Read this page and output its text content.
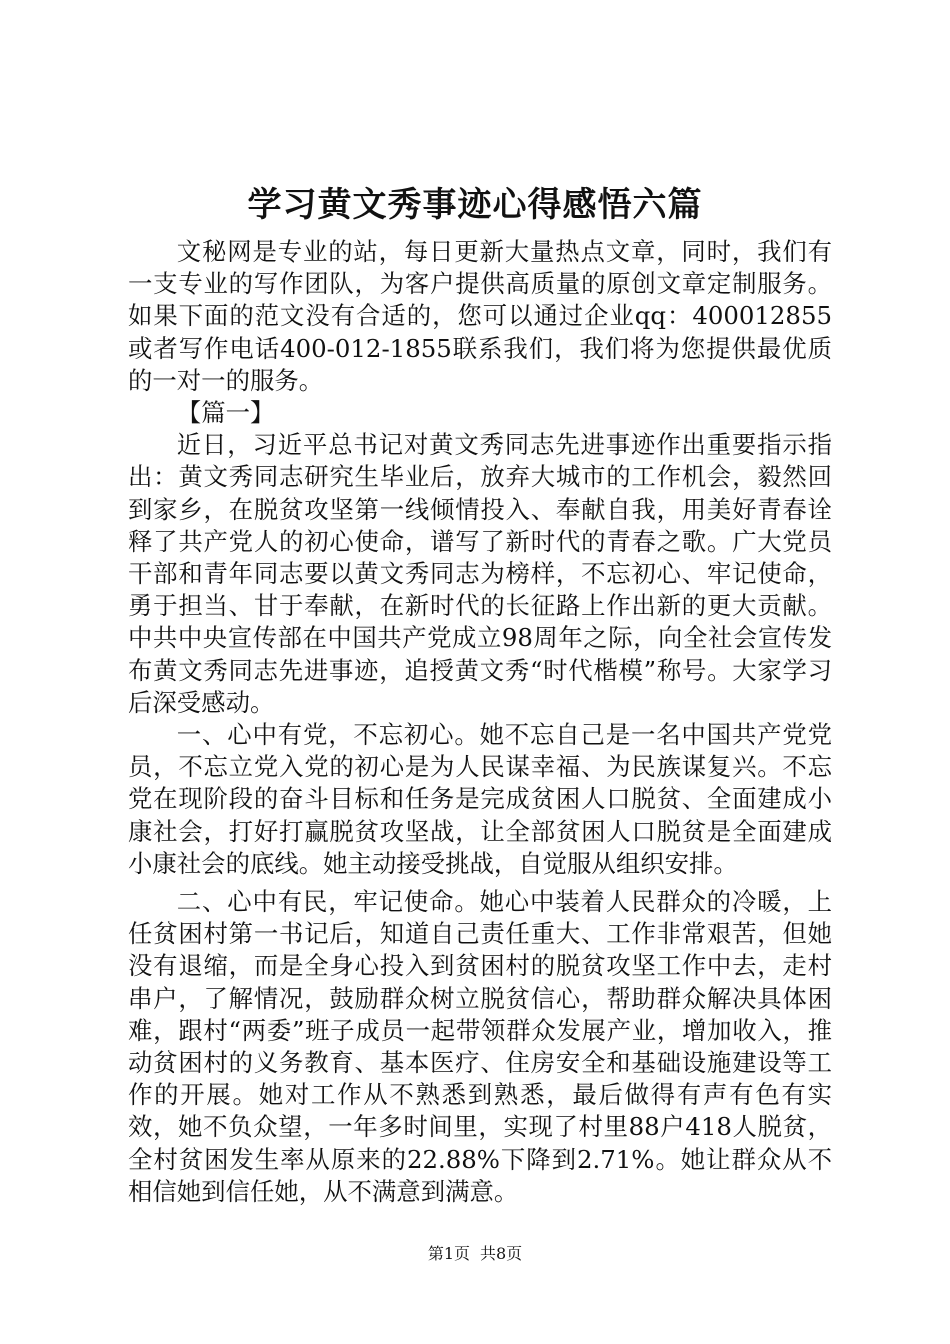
学习黄文秀事迹心得感悟六篇

文秘网是专业的站，每日更新大量热点文章，同时，我们有一支专业的写作团队，为客户提供高质量的原创文章定制服务。如果下面的范文没有合适的，您可以通过企业qq：400012855或者写作电话400-012-1855联系我们，我们将为您提供最优质的一对一的服务。

【篇一】

近日，习近平总书记对黄文秀同志先进事迹作出重要指示指出：黄文秀同志研究生毕业后，放弃大城市的工作机会，毅然回到家乡，在脱贫攻坚第一线倾情投入、奉献自我，用美好青春诠释了共产党人的初心使命，谱写了新时代的青春之歌。广大党员干部和青年同志要以黄文秀同志为榜样，不忘初心、牢记使命，勇于担当、甘于奉献，在新时代的长征路上作出新的更大贡献。中共中央宣传部在中国共产党成立98周年之际，向全社会宣传发布黄文秀同志先进事迹，追授黄文秀“时代楷模”称号。大家学习后深受感动。

一、心中有党，不忘初心。她不忘自己是一名中国共产党党员，不忘立党入党的初心是为人民谋幸福、为民族谋复兴。不忘党在现阶段的奋斗目标和任务是完成贫困人口脱贫、全面建成小康社会，打好打赢脱贫攻坚战，让全部贫困人口脱贫是全面建成小康社会的底线。她主动接受挑战，自觉服从组织安排。

二、心中有民，牢记使命。她心中装着人民群众的冷暖，上任贫困村第一书记后，知道自己责任重大、工作非常艰苦，但她没有退缩，而是全身心投入到贫困村的脱贫攻坚工作中去，走村串户，了解情况，鼓励群众树立脱贫信心，帮助群众解决具体困难，跟村“两委”班子成员一起带领群众发展产业，增加收入，推动贫困村的义务教育、基本医疗、住房安全和基础设施建设等工作的开展。她对工作从不熟悉到熟悉，最后做得有声有色有实效，她不负众望，一年多时间里，实现了村里88户418人脱贫，全村贫困发生率从原来的22.88%下降到2.71%。她让群众从不相信她到信任她，从不满意到满意。

第1页 共8页
